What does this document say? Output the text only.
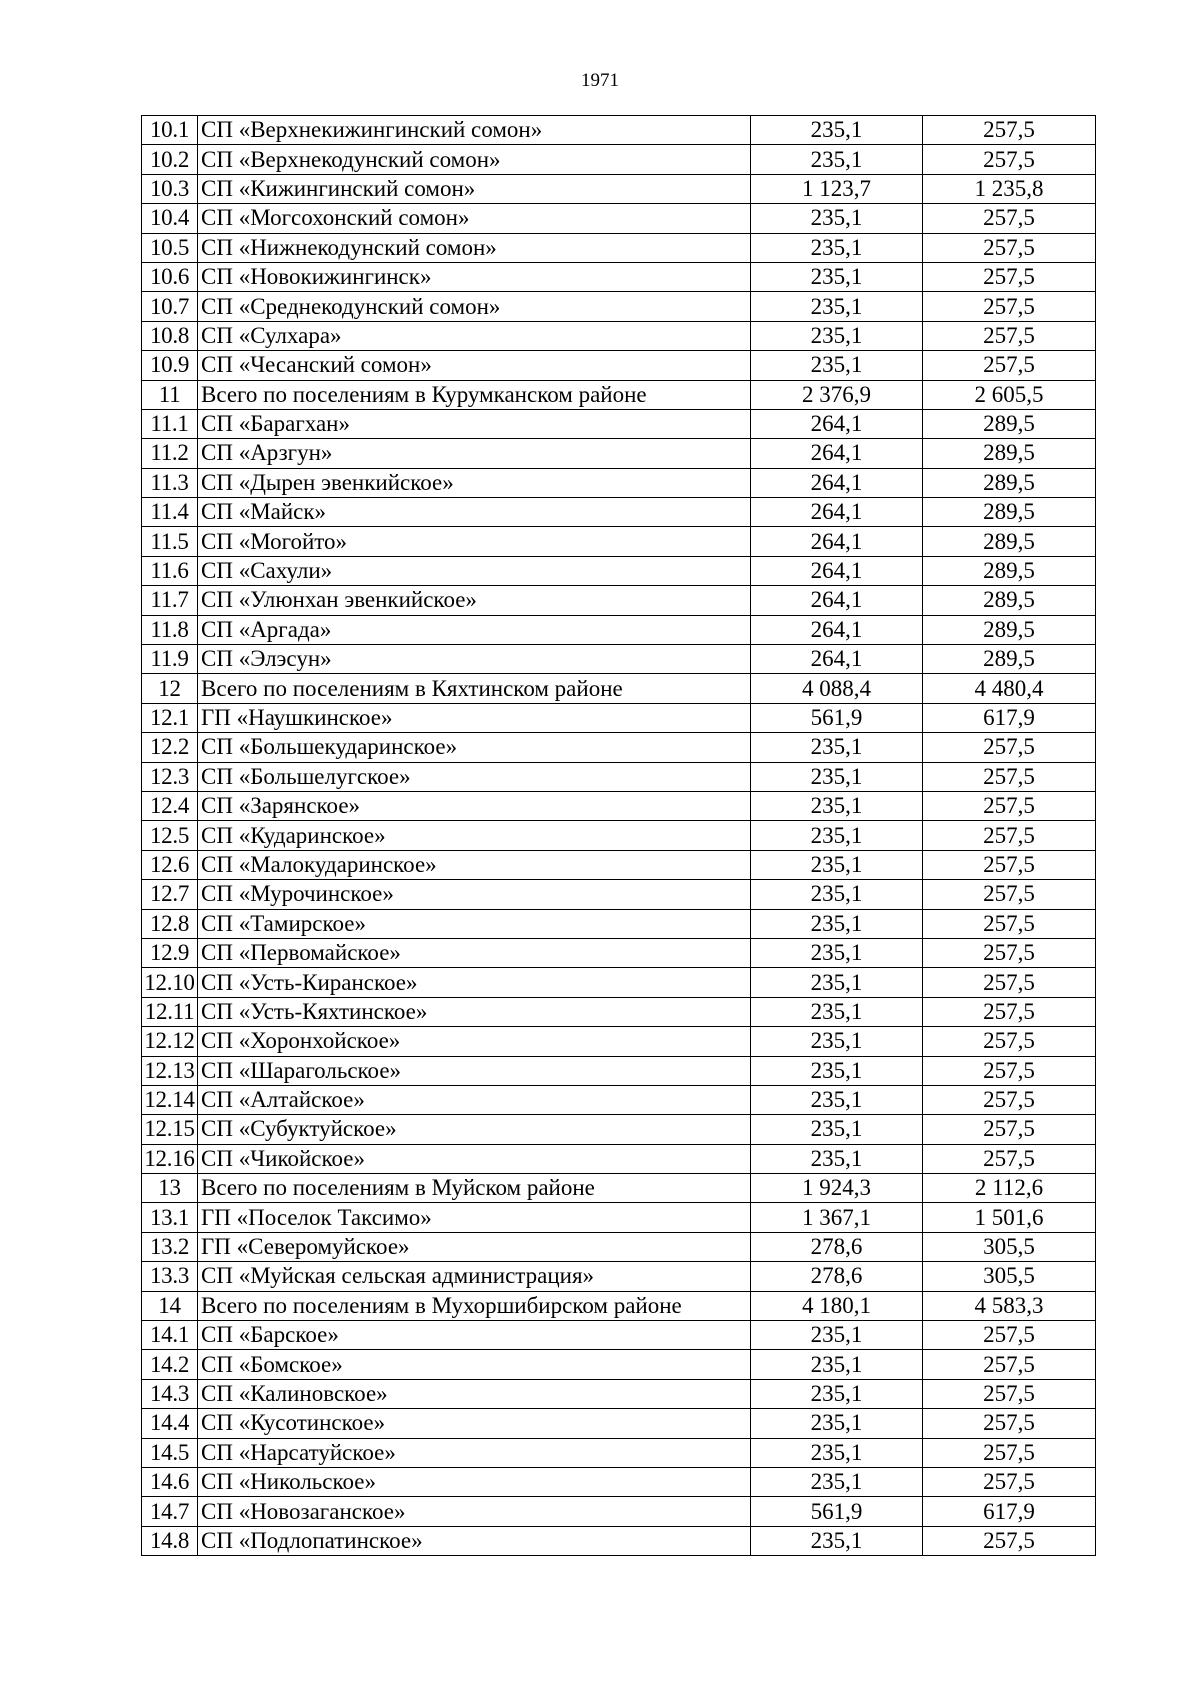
1971
10.1	СП «Верхнекижингинский сомон»	235,1	257,5
10.2	СП «Верхнекодунский сомон»	235,1	257,5
10.3	СП «Кижингинский сомон»	1 123,7	1 235,8
10.4	СП «Могсохонский сомон»	235,1	257,5
10.5	СП «Нижнекодунский сомон»	235,1	257,5
10.6	СП «Новокижингинск»	235,1	257,5
10.7	СП «Среднекодунский сомон»	235,1	257,5
10.8	СП «Сулхара»	235,1	257,5
10.9	СП «Чесанский сомон»	235,1	257,5
11	Всего по поселениям в Курумканском районе	2 376,9	2 605,5
11.1	СП «Барагхан»	264,1	289,5
11.2	СП «Арзгун»	264,1	289,5
11.3	СП «Дырен эвенкийское»	264,1	289,5
11.4	СП «Майск»	264,1	289,5
11.5	СП «Могойто»	264,1	289,5
11.6	СП «Сахули»	264,1	289,5
11.7	СП «Улюнхан эвенкийское»	264,1	289,5
11.8	СП «Аргада»	264,1	289,5
11.9	СП «Элэсун»	264,1	289,5
12	Всего по поселениям в Кяхтинском районе	4 088,4	4 480,4
12.1	ГП «Наушкинское»	561,9	617,9
12.2	СП «Большекударинское»	235,1	257,5
12.3	СП «Большелугское»	235,1	257,5
12.4	СП «Зарянское»	235,1	257,5
12.5	СП «Кударинское»	235,1	257,5
12.6	СП «Малокударинское»	235,1	257,5
12.7	СП «Мурочинское»	235,1	257,5
12.8	СП «Тамирское»	235,1	257,5
12.9	СП «Первомайское»	235,1	257,5
12.10	СП «Усть-Киранское»	235,1	257,5
12.11	СП «Усть-Кяхтинское»	235,1	257,5
12.12	СП «Хоронхойское»	235,1	257,5
12.13	СП «Шарагольское»	235,1	257,5
12.14	СП «Алтайское»	235,1	257,5
12.15	СП «Субуктуйское»	235,1	257,5
12.16	СП «Чикойское»	235,1	257,5
13	Всего по поселениям в Муйском районе	1 924,3	2 112,6
13.1	ГП «Поселок Таксимо»	1 367,1	1 501,6
13.2	ГП «Северомуйское»	278,6	305,5
13.3	СП «Муйская сельская администрация»	278,6	305,5
14	Всего по поселениям в Мухоршибирском районе	4 180,1	4 583,3
14.1	СП «Барское»	235,1	257,5
14.2	СП «Бомское»	235,1	257,5
14.3	СП «Калиновское»	235,1	257,5
14.4	СП «Кусотинское»	235,1	257,5
14.5	СП «Нарсатуйское»	235,1	257,5
14.6	СП «Никольское»	235,1	257,5
14.7	СП «Новозаганское»	561,9	617,9
14.8	СП «Подлопатинское»	235,1	257,5
